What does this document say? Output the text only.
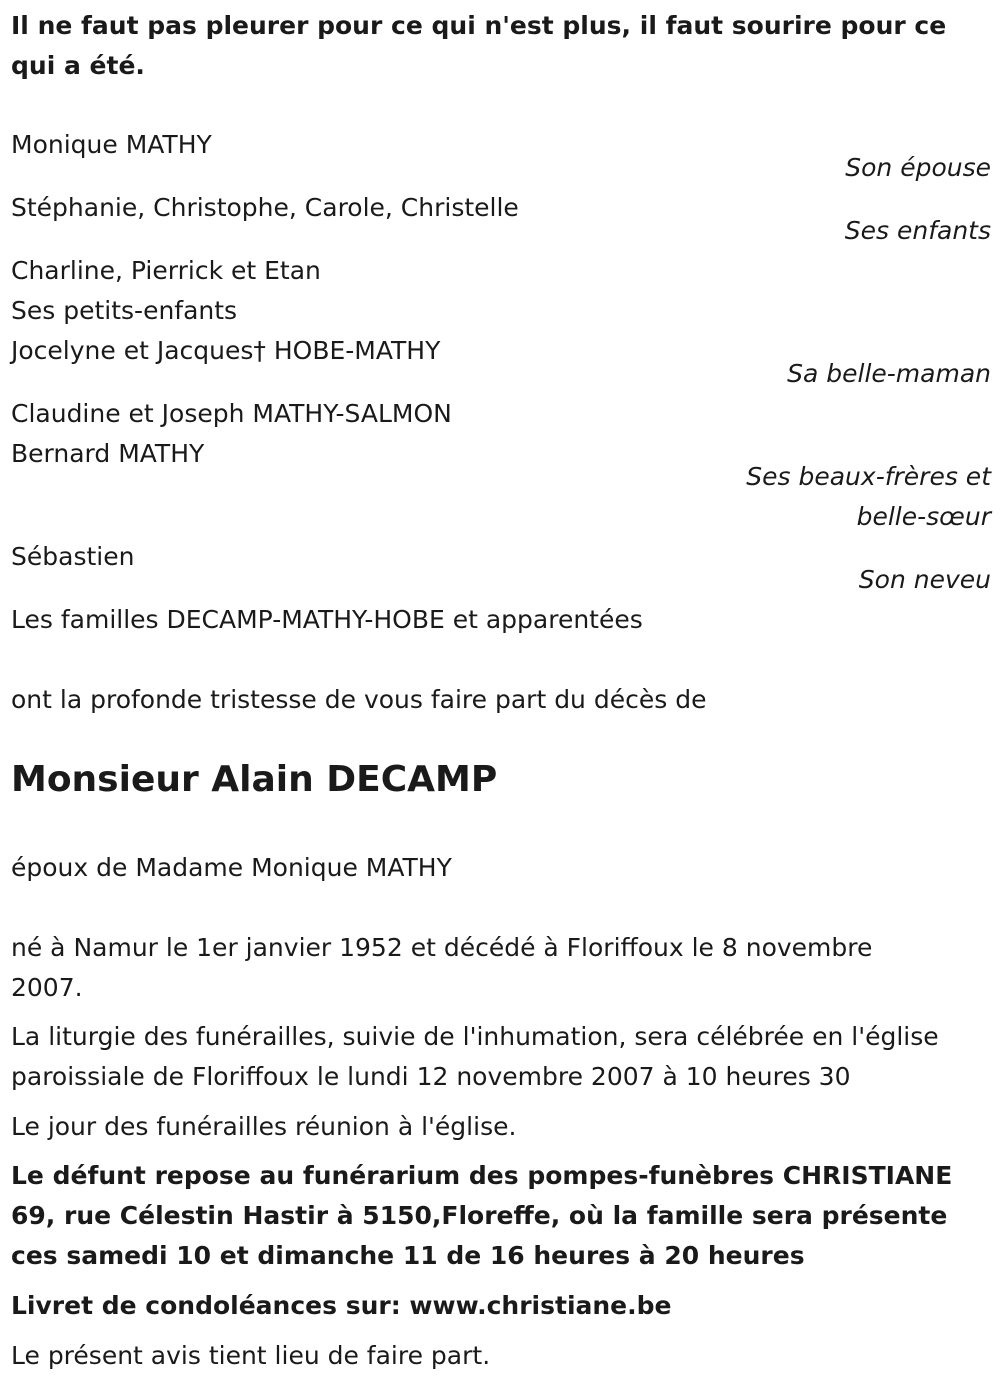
Il ne faut pas pleurer pour ce qui n'est plus, il faut sourire pour ce qui a été.
Monique MATHY
Son épouse
Stéphanie, Christophe, Carole, Christelle
Ses enfants
Charline, Pierrick et Etan
Ses petits-enfants
Jocelyne et Jacques† HOBE-MATHY
Sa belle-maman
Claudine et Joseph MATHY-SALMON
Bernard MATHY
Ses beaux-frères et
belle-sœur
Sébastien
Son neveu
Les familles DECAMP-MATHY-HOBE et apparentées
ont la profonde tristesse de vous faire part du décès de
Monsieur Alain DECAMP
époux de Madame Monique MATHY
né à Namur le 1er janvier 1952 et décédé à Floriffoux le 8 novembre 2007.
La liturgie des funérailles, suivie de l'inhumation, sera célébrée en l'église paroissiale de Floriffoux le lundi 12 novembre 2007 à 10 heures 30
Le jour des funérailles réunion à l'église.
Le défunt repose au funérarium des pompes-funèbres CHRISTIANE 69, rue Célestin Hastir à 5150,Floreffe, où la famille sera présente ces samedi 10 et dimanche 11 de 16 heures à 20 heures
Livret de condoléances sur: www.christiane.be
Le présent avis tient lieu de faire part.
